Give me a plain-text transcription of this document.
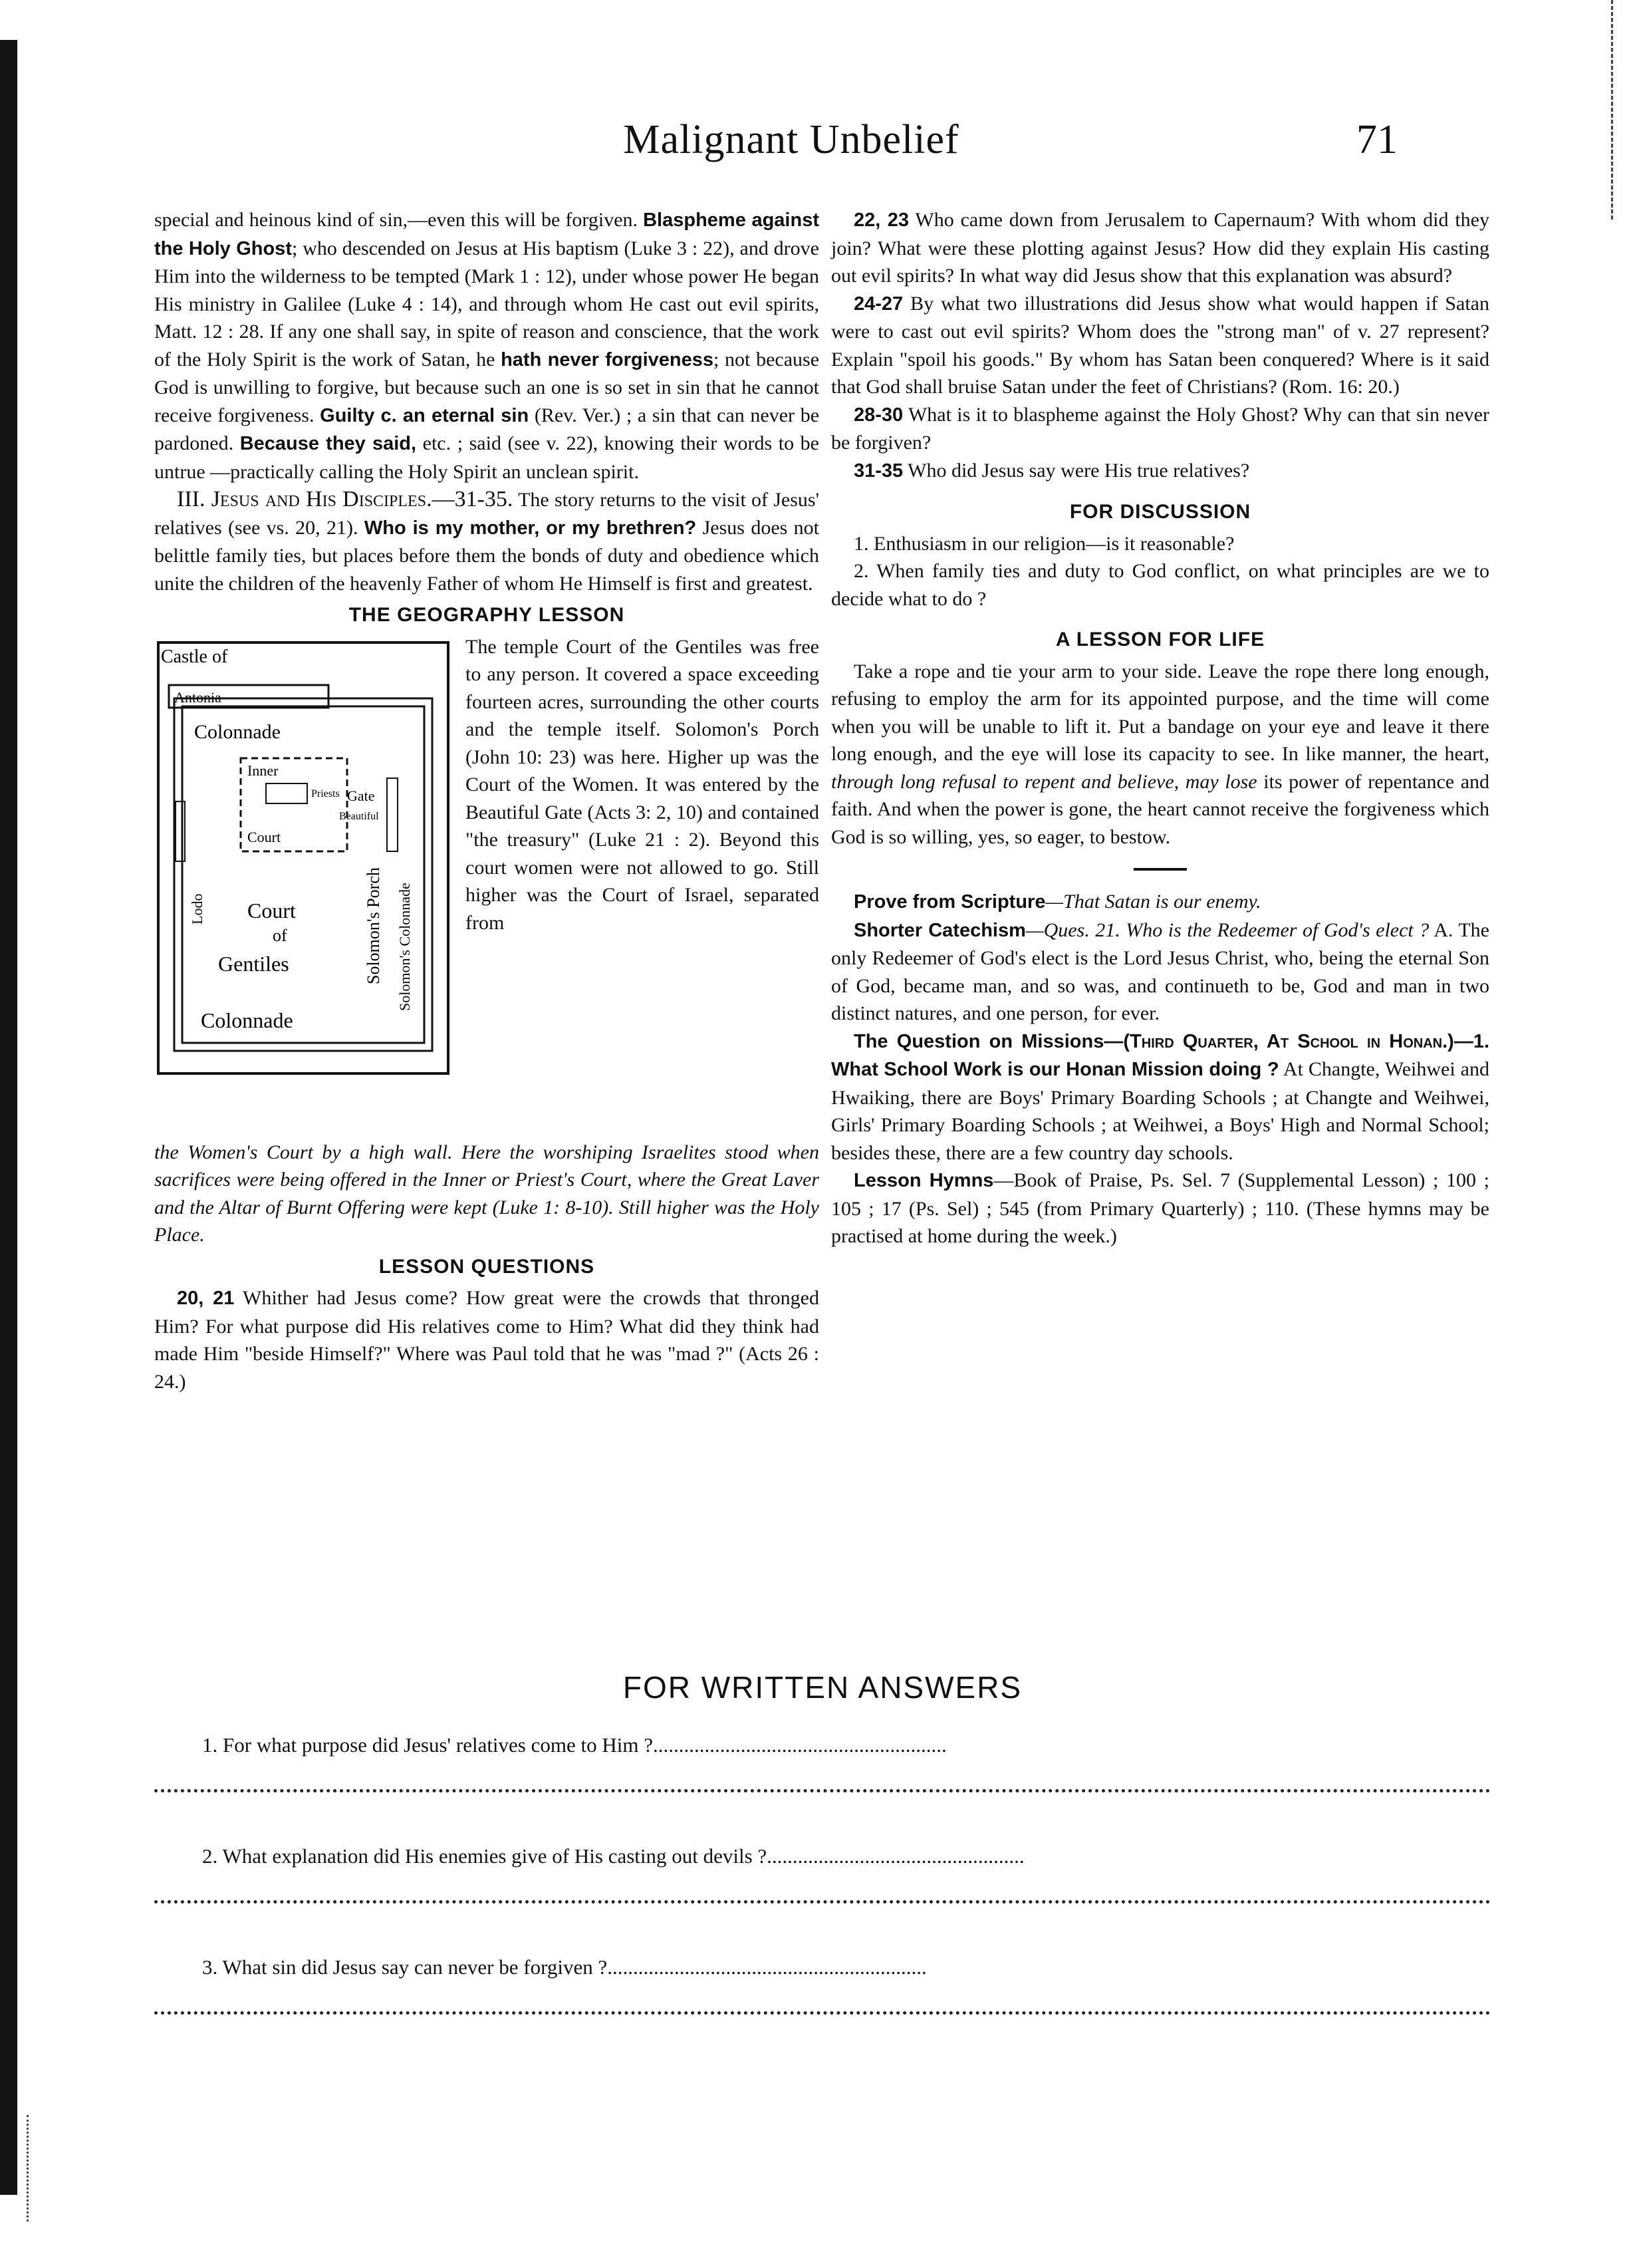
Malignant Unbelief	71

special and heinous kind of sin,—even this will be forgiven. Blaspheme against the Holy Ghost; who descended on Jesus at His baptism (Luke 3 : 22), and drove Him into the wilderness to be tempted (Mark 1 : 12), under whose power He began His ministry in Galilee (Luke 4 : 14), and through whom He cast out evil spirits, Matt. 12 : 28. If any one shall say, in spite of reason and conscience, that the work of the Holy Spirit is the work of Satan, he hath never forgiveness; not because God is unwilling to forgive, but because such an one is so set in sin that he cannot receive forgiveness. Guilty c. an eternal sin (Rev. Ver.) ; a sin that can never be pardoned. Because they said, etc. ; said (see v. 22), knowing their words to be untrue —practically calling the Holy Spirit an unclean spirit.

III. Jesus and His Disciples.—31-35. The story returns to the visit of Jesus' relatives (see vs. 20, 21). Who is my mother, or my brethren? Jesus does not belittle family ties, but places before them the bonds of duty and obedience which unite the children of the heavenly Father of whom He Himself is first and greatest.

THE GEOGRAPHY LESSON
Castle of
Antonia
Colonnade
Inner
Priests
Court
Gate
Beautiful
Court
of
Gentiles
Colonnade
Solomon's Porch Solomon's Colonnade
Lodo
The temple Court of the Gentiles was free to any person. It covered a space exceeding fourteen acres, surrounding the other courts and the temple itself. Solomon's Porch (John 10: 23) was here. Higher up was the Court of the Women. It was entered by the Beautiful Gate (Acts 3: 2, 10) and contained "the treasury" (Luke 21 : 2). Beyond this court women were not allowed to go. Still higher was the Court of Israel, separated from

the Women's Court by a high wall. Here the worshiping Israelites stood when sacrifices were being offered in the Inner or Priest's Court, where the Great Laver and the Altar of Burnt Offering were kept (Luke 1: 8-10). Still higher was the Holy Place.

LESSON QUESTIONS

20, 21 Whither had Jesus come? How great were the crowds that thronged Him? For what purpose did His relatives come to Him? What did they think had made Him "beside Himself?" Where was Paul told that he was "mad ?" (Acts 26 : 24.)

22, 23 Who came down from Jerusalem to Capernaum? With whom did they join? What were these plotting against Jesus? How did they explain His casting out evil spirits? In what way did Jesus show that this explanation was absurd?

24-27 By what two illustrations did Jesus show what would happen if Satan were to cast out evil spirits? Whom does the "strong man" of v. 27 represent? Explain "spoil his goods." By whom has Satan been conquered? Where is it said that God shall bruise Satan under the feet of Christians? (Rom. 16: 20.)

28-30 What is it to blaspheme against the Holy Ghost? Why can that sin never be forgiven?

31-35 Who did Jesus say were His true relatives?

FOR DISCUSSION

1. Enthusiasm in our religion—is it reasonable?

2. When family ties and duty to God conflict, on what principles are we to decide what to do ?

A LESSON FOR LIFE

Take a rope and tie your arm to your side. Leave the rope there long enough, refusing to employ the arm for its appointed purpose, and the time will come when you will be unable to lift it. Put a bandage on your eye and leave it there long enough, and the eye will lose its capacity to see. In like manner, the heart, through long refusal to repent and believe, may lose its power of repentance and faith. And when the power is gone, the heart cannot receive the forgiveness which God is so willing, yes, so eager, to bestow.

Prove from Scripture—That Satan is our enemy.

Shorter Catechism—Ques. 21. Who is the Redeemer of God's elect ? A. The only Redeemer of God's elect is the Lord Jesus Christ, who, being the eternal Son of God, became man, and so was, and continueth to be, God and man in two distinct natures, and one person, for ever.

The Question on Missions—(Third Quarter, At School in Honan.)—1. What School Work is our Honan Mission doing ? At Changte, Weihwei and Hwaiking, there are Boys' Primary Boarding Schools ; at Changte and Weihwei, Girls' Primary Boarding Schools ; at Weihwei, a Boys' High and Normal School; besides these, there are a few country day schools.

Lesson Hymns—Book of Praise, Ps. Sel. 7 (Supplemental Lesson) ; 100 ; 105 ; 17 (Ps. Sel) ; 545 (from Primary Quarterly) ; 110. (These hymns may be practised at home during the week.)

FOR WRITTEN ANSWERS
1. For what purpose did Jesus' relatives come to Him ?.........................................................
2. What explanation did His enemies give of His casting out devils ?..................................................
3. What sin did Jesus say can never be forgiven ?..............................................................
